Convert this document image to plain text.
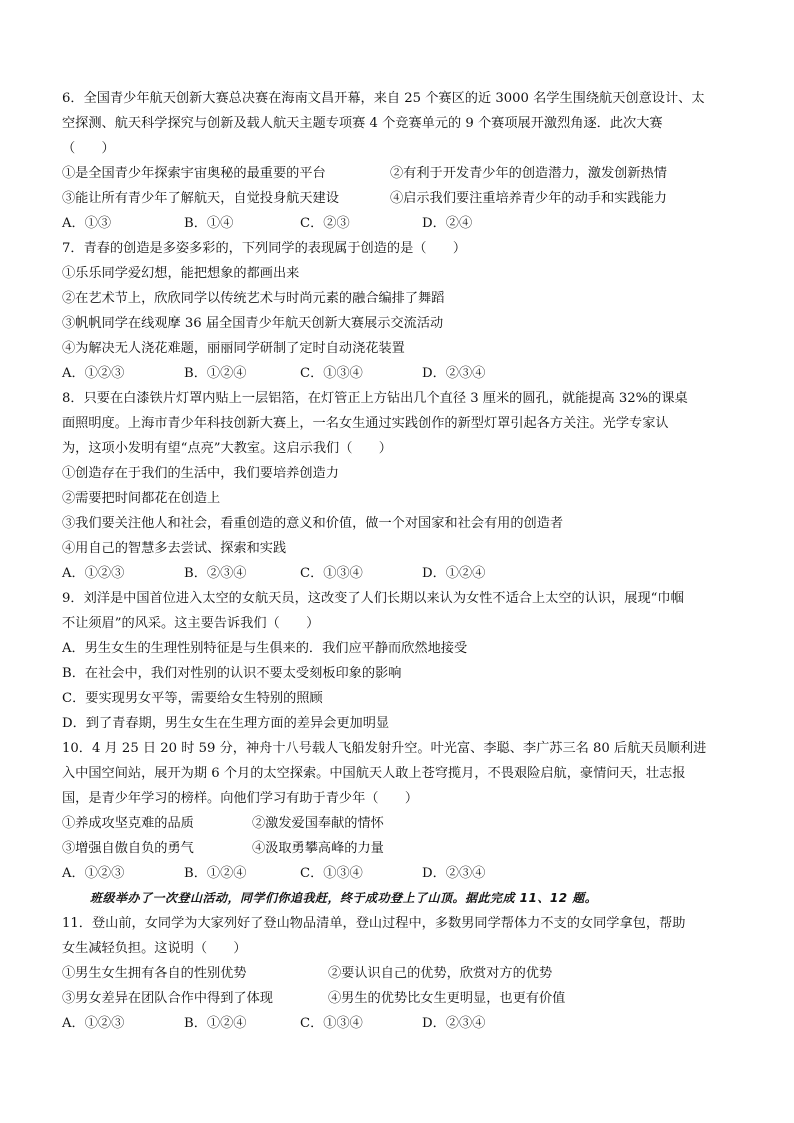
6．全国青少年航天创新大赛总决赛在海南文昌开幕，来自 25 个赛区的近 3000 名学生围绕航天创意设计、太
空探测、航天科学探究与创新及载人航天主题专项赛 4 个竞赛单元的 9 个赛项展开激烈角逐．此次大赛
（　　）
①是全国青少年探索宇宙奥秘的最重要的平台	②有利于开发青少年的创造潜力，激发创新热情
③能让所有青少年了解航天，自觉投身航天建设	④启示我们要注重培养青少年的动手和实践能力
A．①③	B．①④	C．②③	D．②④
7．青春的创造是多姿多彩的，下列同学的表现属于创造的是（　　）
①乐乐同学爱幻想，能把想象的都画出来
②在艺术节上，欣欣同学以传统艺术与时尚元素的融合编排了舞蹈
③帆帆同学在线观摩 36 届全国青少年航天创新大赛展示交流活动
④为解决无人浇花难题，丽丽同学研制了定时自动浇花装置
A．①②③	B．①②④	C．①③④	D．②③④
8．只要在白漆铁片灯罩内贴上一层铝箔，在灯管正上方钻出几个直径 3 厘米的圆孔，就能提高 32%的课桌
面照明度。上海市青少年科技创新大赛上，一名女生通过实践创作的新型灯罩引起各方关注。光学专家认
为，这项小发明有望“点亮”大教室。这启示我们（　　）
①创造存在于我们的生活中，我们要培养创造力
②需要把时间都花在创造上
③我们要关注他人和社会，看重创造的意义和价值，做一个对国家和社会有用的创造者
④用自己的智慧多去尝试、探索和实践
A．①②③	B．②③④	C．①③④	D．①②④
9．刘洋是中国首位进入太空的女航天员，这改变了人们长期以来认为女性不适合上太空的认识，展现“巾帼
不让须眉”的风采。这主要告诉我们（　　）
A．男生女生的生理性别特征是与生俱来的．我们应平静而欣然地接受
B．在社会中，我们对性别的认识不要太受刻板印象的影响
C．要实现男女平等，需要给女生特别的照顾
D．到了青春期，男生女生在生理方面的差异会更加明显
10．4 月 25 日 20 时 59 分，神舟十八号载人飞船发射升空。叶光富、李聪、李广苏三名 80 后航天员顺利进
入中国空间站，展开为期 6 个月的太空探索。中国航天人敢上苍穹揽月，不畏艰险启航，豪情问天，壮志报
国，是青少年学习的榜样。向他们学习有助于青少年（　　）
①养成攻坚克难的品质	②激发爱国奉献的情怀
③增强自傲自负的勇气	④汲取勇攀高峰的力量
A．①②③	B．①②④	C．①③④	D．②③④
班级举办了一次登山活动，同学们你追我赶，终于成功登上了山顶。据此完成 11、12 题。
11．登山前，女同学为大家列好了登山物品清单，登山过程中，多数男同学帮体力不支的女同学拿包，帮助
女生减轻负担。这说明（　　）
①男生女生拥有各自的性别优势	②要认识自己的优势，欣赏对方的优势
③男女差异在团队合作中得到了体现	④男生的优势比女生更明显，也更有价值
A．①②③	B．①②④	C．①③④	D．②③④
